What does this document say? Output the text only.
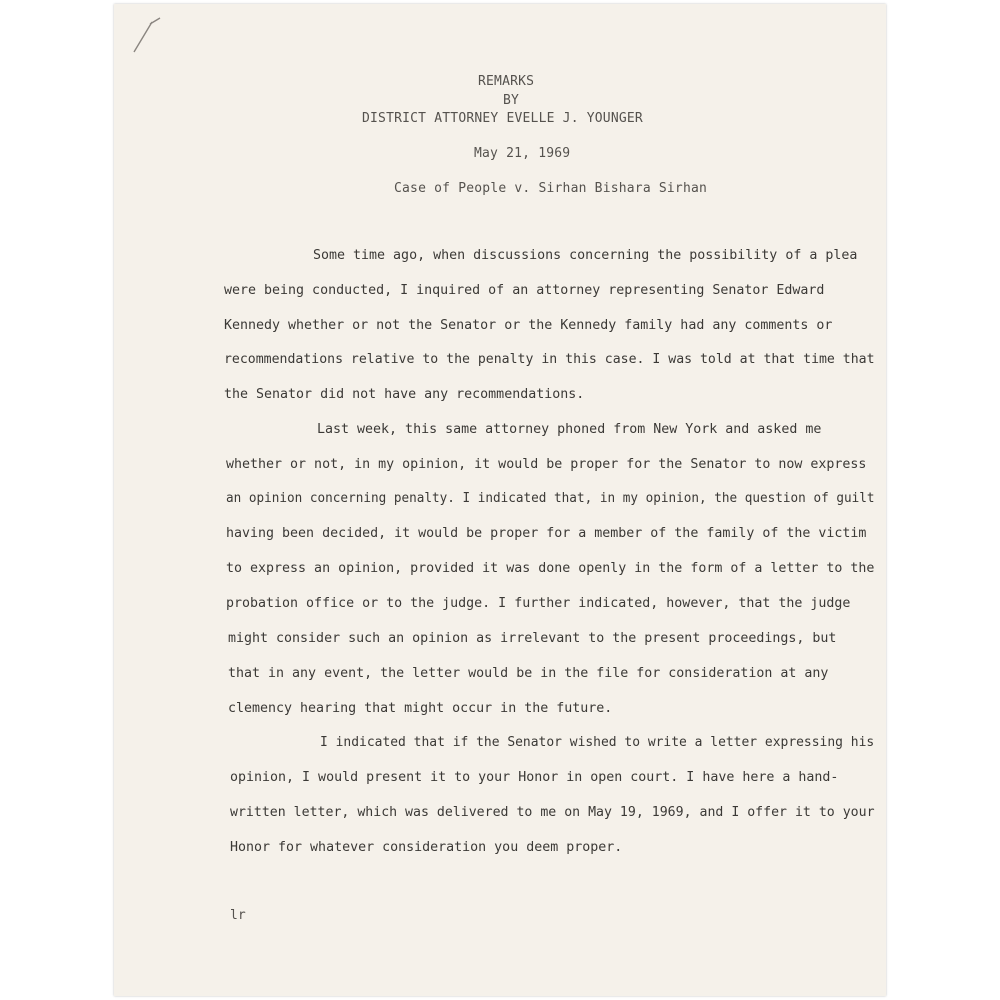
REMARKS
BY
DISTRICT ATTORNEY EVELLE J. YOUNGER
May 21, 1969
Case of People v. Sirhan Bishara Sirhan
Some time ago, when discussions concerning the possibility of a plea
were being conducted, I inquired of an attorney representing Senator Edward
Kennedy whether or not the Senator or the Kennedy family had any comments or
recommendations relative to the penalty in this case. I was told at that time that
the Senator did not have any recommendations.
Last week, this same attorney phoned from New York and asked me
whether or not, in my opinion, it would be proper for the Senator to now express
an opinion concerning penalty. I indicated that, in my opinion, the question of guilt
having been decided, it would be proper for a member of the family of the victim
to express an opinion, provided it was done openly in the form of a letter to the
probation office or to the judge. I further indicated, however, that the judge
might consider such an opinion as irrelevant to the present proceedings, but
that in any event, the letter would be in the file for consideration at any
clemency hearing that might occur in the future.
I indicated that if the Senator wished to write a letter expressing his
opinion, I would present it to your Honor in open court. I have here a hand-
written letter, which was delivered to me on May 19, 1969, and I offer it to your
Honor for whatever consideration you deem proper.
lr
